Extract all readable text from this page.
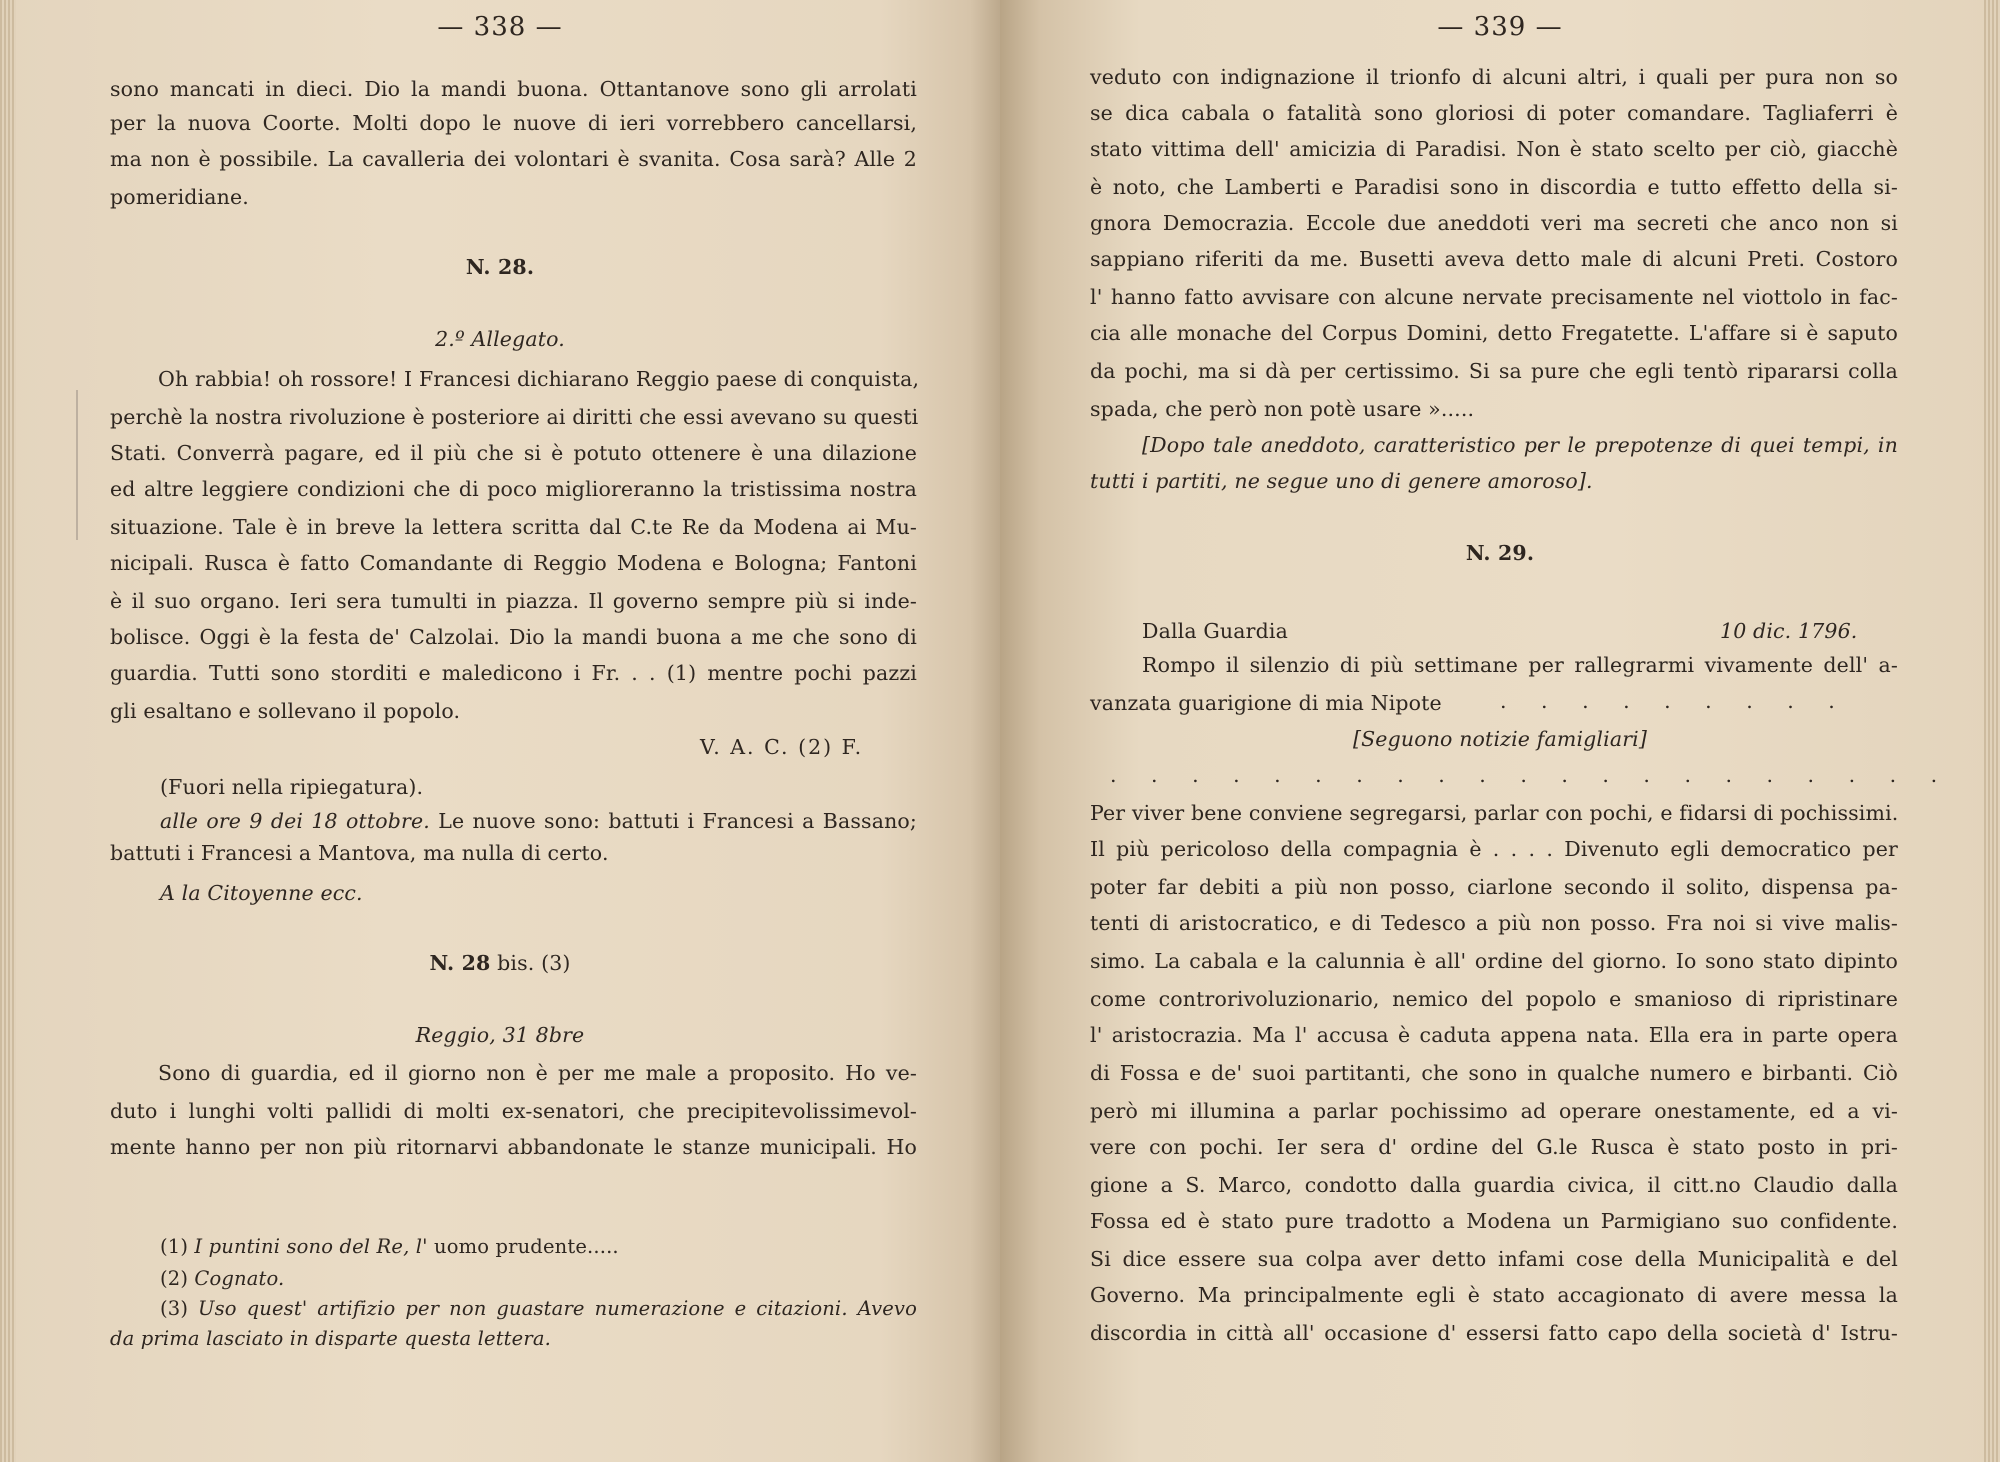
— 338 —
sono mancati in dieci. Dio la mandi buona. Ottantanove sono gli arrolati
per la nuova Coorte. Molti dopo le nuove di ieri vorrebbero cancellarsi,
ma non è possibile. La cavalleria dei volontari è svanita. Cosa sarà? Alle 2
pomeridiane.
N. 28.
2.º Allegato.
Oh rabbia! oh rossore! I Francesi dichiarano Reggio paese di conquista,
perchè la nostra rivoluzione è posteriore ai diritti che essi avevano su questi
Stati. Converrà pagare, ed il più che si è potuto ottenere è una dilazione
ed altre leggiere condizioni che di poco miglioreranno la tristissima nostra
situazione. Tale è in breve la lettera scritta dal C.te Re da Modena ai Mu-
nicipali. Rusca è fatto Comandante di Reggio Modena e Bologna; Fantoni
è il suo organo. Ieri sera tumulti in piazza. Il governo sempre più si inde-
bolisce. Oggi è la festa de' Calzolai. Dio la mandi buona a me che sono di
guardia. Tutti sono storditi e maledicono i Fr. . . (1) mentre pochi pazzi
gli esaltano e sollevano il popolo.
V. A. C. (2) F.
(Fuori nella ripiegatura).
alle ore 9 dei 18 ottobre. Le nuove sono: battuti i Francesi a Bassano;
battuti i Francesi a Mantova, ma nulla di certo.
A la Citoyenne ecc.
N. 28 bis. (3)
Reggio, 31 8bre
Sono di guardia, ed il giorno non è per me male a proposito. Ho ve-
duto i lunghi volti pallidi di molti ex-senatori, che precipitevolissimevol-
mente hanno per non più ritornarvi abbandonate le stanze municipali. Ho
(1) I puntini sono del Re, l' uomo prudente.....
(2) Cognato.
(3) Uso quest' artifizio per non guastare numerazione e citazioni. Avevo
da prima lasciato in disparte questa lettera.
— 339 —
veduto con indignazione il trionfo di alcuni altri, i quali per pura non so
se dica cabala o fatalità sono gloriosi di poter comandare. Tagliaferri è
stato vittima dell' amicizia di Paradisi. Non è stato scelto per ciò, giacchè
è noto, che Lamberti e Paradisi sono in discordia e tutto effetto della si-
gnora Democrazia. Eccole due aneddoti veri ma secreti che anco non si
sappiano riferiti da me. Busetti aveva detto male di alcuni Preti. Costoro
l' hanno fatto avvisare con alcune nervate precisamente nel viottolo in fac-
cia alle monache del Corpus Domini, detto Fregatette. L'affare si è saputo
da pochi, ma si dà per certissimo. Si sa pure che egli tentò ripararsi colla
spada, che però non potè usare ».....
[Dopo tale aneddoto, caratteristico per le prepotenze di quei tempi, in
tutti i partiti, ne segue uno di genere amoroso].
N. 29.
Dalla Guardia	10 dic. 1796.
Rompo il silenzio di più settimane per rallegrarmi vivamente dell' a-
vanzata guarigione di mia Nipote	. . . . . . . . .
[Seguono notizie famigliari]
. . . . . . . . . . . . . . . . . . . . .
Per viver bene conviene segregarsi, parlar con pochi, e fidarsi di pochissimi.
Il più pericoloso della compagnia è . . . . Divenuto egli democratico per
poter far debiti a più non posso, ciarlone secondo il solito, dispensa pa-
tenti di aristocratico, e di Tedesco a più non posso. Fra noi si vive malis-
simo. La cabala e la calunnia è all' ordine del giorno. Io sono stato dipinto
come controrivoluzionario, nemico del popolo e smanioso di ripristinare
l' aristocrazia. Ma l' accusa è caduta appena nata. Ella era in parte opera
di Fossa e de' suoi partitanti, che sono in qualche numero e birbanti. Ciò
però mi illumina a parlar pochissimo ad operare onestamente, ed a vi-
vere con pochi. Ier sera d' ordine del G.le Rusca è stato posto in pri-
gione a S. Marco, condotto dalla guardia civica, il citt.no Claudio dalla
Fossa ed è stato pure tradotto a Modena un Parmigiano suo confidente.
Si dice essere sua colpa aver detto infami cose della Municipalità e del
Governo. Ma principalmente egli è stato accagionato di avere messa la
discordia in città all' occasione d' essersi fatto capo della società d' Istru-
